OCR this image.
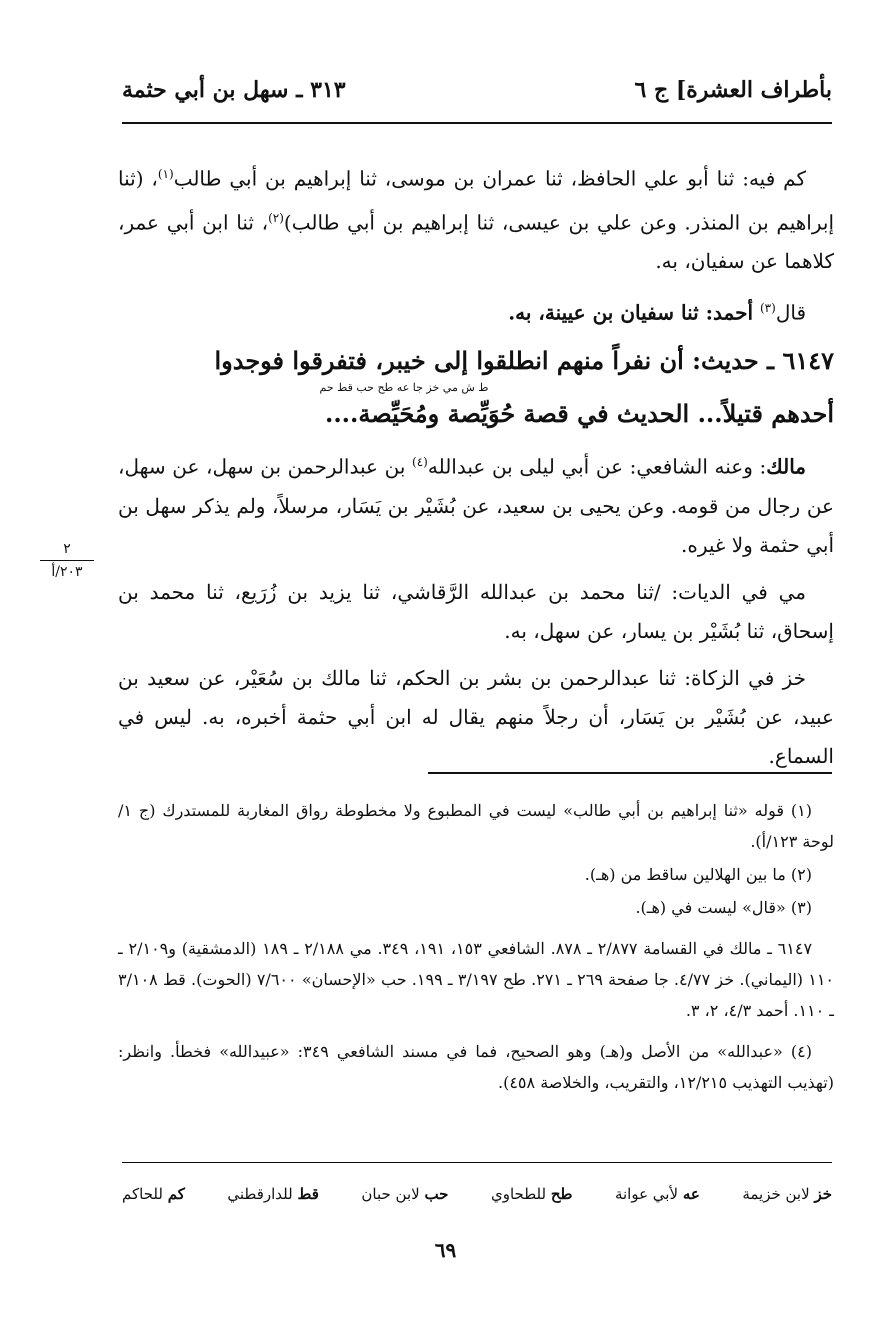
بأطراف العشرة] ج ٦
٣١٣ ـ سهل بن أبي حثمة

كم فيه: ثنا أبو علي الحافظ، ثنا عمران بن موسى، ثنا إبراهيم بن أبي طالب$^{(١)}$، (ثنا إبراهيم بن المنذر. وعن علي بن عيسى، ثنا إبراهيم بن أبي طالب)$^{(٢)}$، ثنا ابن أبي عمر، كلاهما عن سفيان، به.

قال$^{(٣)}$ أحمد: ثنا سفيان بن عيينة، به.

٦١٤٧ ـ حديث: أن نفراً منهم انطلقوا إلى خيبر، فتفرقوا فوجدوا
ط ش مي خز جا عه طح حب قط حم
أحدهم قتيلاً... الحديث في قصة حُوَيِّصة ومُحَيِّصة....

مالك: وعنه الشافعي: عن أبي ليلى بن عبدالله$^{(٤)}$ بن عبدالرحمن بن سهل، عن سهل، عن رجال من قومه. وعن يحيى بن سعيد، عن بُشَيْر بن يَسَار، مرسلاً، ولم يذكر سهل بن أبي حثمة ولا غيره.

مي في الديات: /ثنا محمد بن عبدالله الرَّقاشي، ثنا يزيد بن زُرَيع، ثنا محمد بن إسحاق، ثنا بُشَيْر بن يسار، عن سهل، به.

خز في الزكاة: ثنا عبدالرحمن بن بشر بن الحكم، ثنا مالك بن سُعَيْر، عن سعيد بن عبيد، عن بُشَيْر بن يَسَار، أن رجلاً منهم يقال له ابن أبي حثمة أخبره، به. ليس في السماع.

٢
٢٠٣/أ

(١) قوله «ثنا إبراهيم بن أبي طالب» ليست في المطبوع ولا مخطوطة رواق المغاربة للمستدرك (ج ١/ لوحة ١٢٣/أ).

(٢) ما بين الهلالين ساقط من (هـ).

(٣) «قال» ليست في (هـ).

٦١٤٧ ـ مالك في القسامة ٢/٨٧٧ ـ ٨٧٨. الشافعي ١٥٣، ١٩١، ٣٤٩. مي ٢/١٨٨ ـ ١٨٩ (الدمشقية) و٢/١٠٩ ـ ١١٠ (اليماني). خز ٤/٧٧. جا صفحة ٢٦٩ ـ ٢٧١. طح ٣/١٩٧ ـ ١٩٩. حب «الإحسان» ٧/٦٠٠ (الحوت). قط ٣/١٠٨ ـ ١١٠. أحمد ٤/٣، ٢، ٣.

(٤) «عبدالله» من الأصل و(هـ) وهو الصحيح، فما في مسند الشافعي ٣٤٩: «عبيدالله» فخطأ. وانظر: (تهذيب التهذيب ١٢/٢١٥، والتقريب، والخلاصة ٤٥٨).

خز لابن خزيمة
عه لأبي عوانة
طح للطحاوي
حب لابن حبان
قط للدارقطني
كم للحاكم
٦٩
